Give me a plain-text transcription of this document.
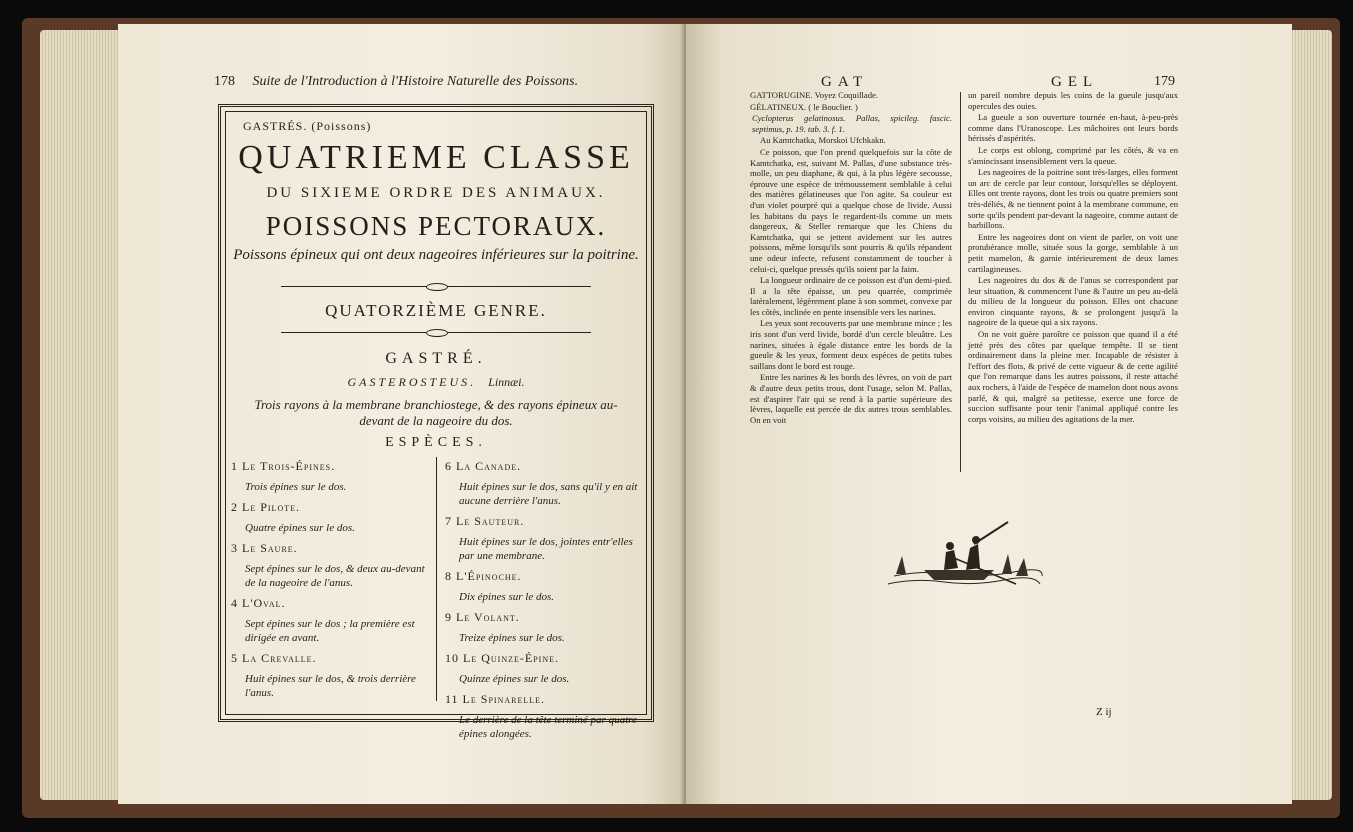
178 Suite de l'Introduction à l'Histoire Naturelle des Poissons.
GASTRÉS. (Poissons)
QUATRIEME CLASSE
DU SIXIEME ORDRE DES ANIMAUX.
POISSONS PECTORAUX.
Poissons épineux qui ont deux nageoires inférieures sur la poitrine.
QUATORZIÈME GENRE.
GASTRÉ.
GASTEROSTEUS. Linnæi.
Trois rayons à la membrane branchiostege, & des rayons épineux au-devant de la nageoire du dos.
ESPÈCES.
1 Le Trois-Épines.
Trois épines sur le dos.
2 Le Pilote.
Quatre épines sur le dos.
3 Le Saure.
Sept épines sur le dos, & deux au-devant de la nageoire de l'anus.
4 L'Oval.
Sept épines sur le dos ; la première est dirigée en avant.
5 La Crevalle.
Huit épines sur le dos, & trois derrière l'anus.
6 La Canade.
Huit épines sur le dos, sans qu'il y en ait aucune derrière l'anus.
7 Le Sauteur.
Huit épines sur le dos, jointes entr'elles par une membrane.
8 L'Épinoche.
Dix épines sur le dos.
9 Le Volant.
Treize épines sur le dos.
10 Le Quinze-Épine.
Quinze épines sur le dos.
11 Le Spinarelle.
Le derrière de la tête terminé par quatre épines alongées.
GAT	GEL	179

GATTORUGINE. Voyez Coquillade.

GÉLATINEUX. ( le Bouclier. )

Cyclopterus gelatinosus. Pallas, spicileg. fascic. septimus, p. 19. tab. 3. f. 1.

Au Kamtchatka, Morskoi Ufchkakn.

Ce poisson, que l'on prend quelquefois sur la côte de Kamtchatka, est, suivant M. Pallas, d'une substance très-molle, un peu diaphane, & qui, à la plus légère secousse, éprouve une espèce de trémoussement semblable à celui des matières gélatineuses que l'on agite. Sa couleur est d'un violet pourpré qui a quelque chose de livide. Aussi les habitans du pays le regardent-ils comme un mets dangereux, & Steller remarque que les Chiens du Kamtchatka, qui se jettent avidement sur les autres poissons, même lorsqu'ils sont pourris & qu'ils répandent une odeur infecte, refusent constamment de toucher à celui-ci, quelque pressés qu'ils soient par la faim.

La longueur ordinaire de ce poisson est d'un demi-pied. Il a la tête épaisse, un peu quarrée, comprimée latéralement, légèrement plane à son sommet, convexe par les côtés, inclinée en pente insensible vers les narines.

Les yeux sont recouverts par une membrane mince ; les iris sont d'un verd livide, bordé d'un cercle bleuâtre. Les narines, situées à égale distance entre les bords de la gueule & les yeux, forment deux espèces de petits tubes saillans dont le bord est rouge.

Entre les narines & les bords des lèvres, on voit de part & d'autre deux petits trous, dont l'usage, selon M. Pallas, est d'aspirer l'air qui se rend à la partie supérieure des lèvres, laquelle est percée de dix autres trous semblables. On en voit

un pareil nombre depuis les coins de la gueule jusqu'aux opercules des ouies.

La gueule a son ouverture tournée en-haut, à-peu-près comme dans l'Uranoscope. Les mâchoires ont leurs bords hérissés d'aspérités.

Le corps est oblong, comprimé par les côtés, & va en s'amincissant insensiblement vers la queue.

Les nageoires de la poitrine sont très-larges, elles forment un arc de cercle par leur contour, lorsqu'elles se déployent. Elles ont trente rayons, dont les trois ou quatre premiers sont très-déliés, & ne tiennent point à la membrane commune, en sorte qu'ils pendent par-devant la nageoire, comme autant de barbillons.

Entre les nageoires dont on vient de parler, on voit une protubérance molle, située sous la gorge, semblable à un petit mamelon, & garnie intérieurement de deux lames cartilagineuses.

Les nageoires du dos & de l'anus se correspondent par leur situation, & commencent l'une & l'autre un peu au-delà du milieu de la longueur du poisson. Elles ont chacune environ cinquante rayons, & se prolongent jusqu'à la nageoire de la queue qui a six rayons.

On ne voit guère paroître ce poisson que quand il a été jetté près des côtes par quelque tempête. Il se tient ordinairement dans la pleine mer. Incapable de résister à l'effort des flots, & privé de cette vigueur & de cette agilité que l'on remarque dans les autres poissons, il reste attaché aux rochers, à l'aide de l'espèce de mamelon dont nous avons parlé, & qui, malgré sa petitesse, exerce une force de succion suffisante pour tenir l'animal appliqué contre les corps voisins, au milieu des agitations de la mer.

Z ij
